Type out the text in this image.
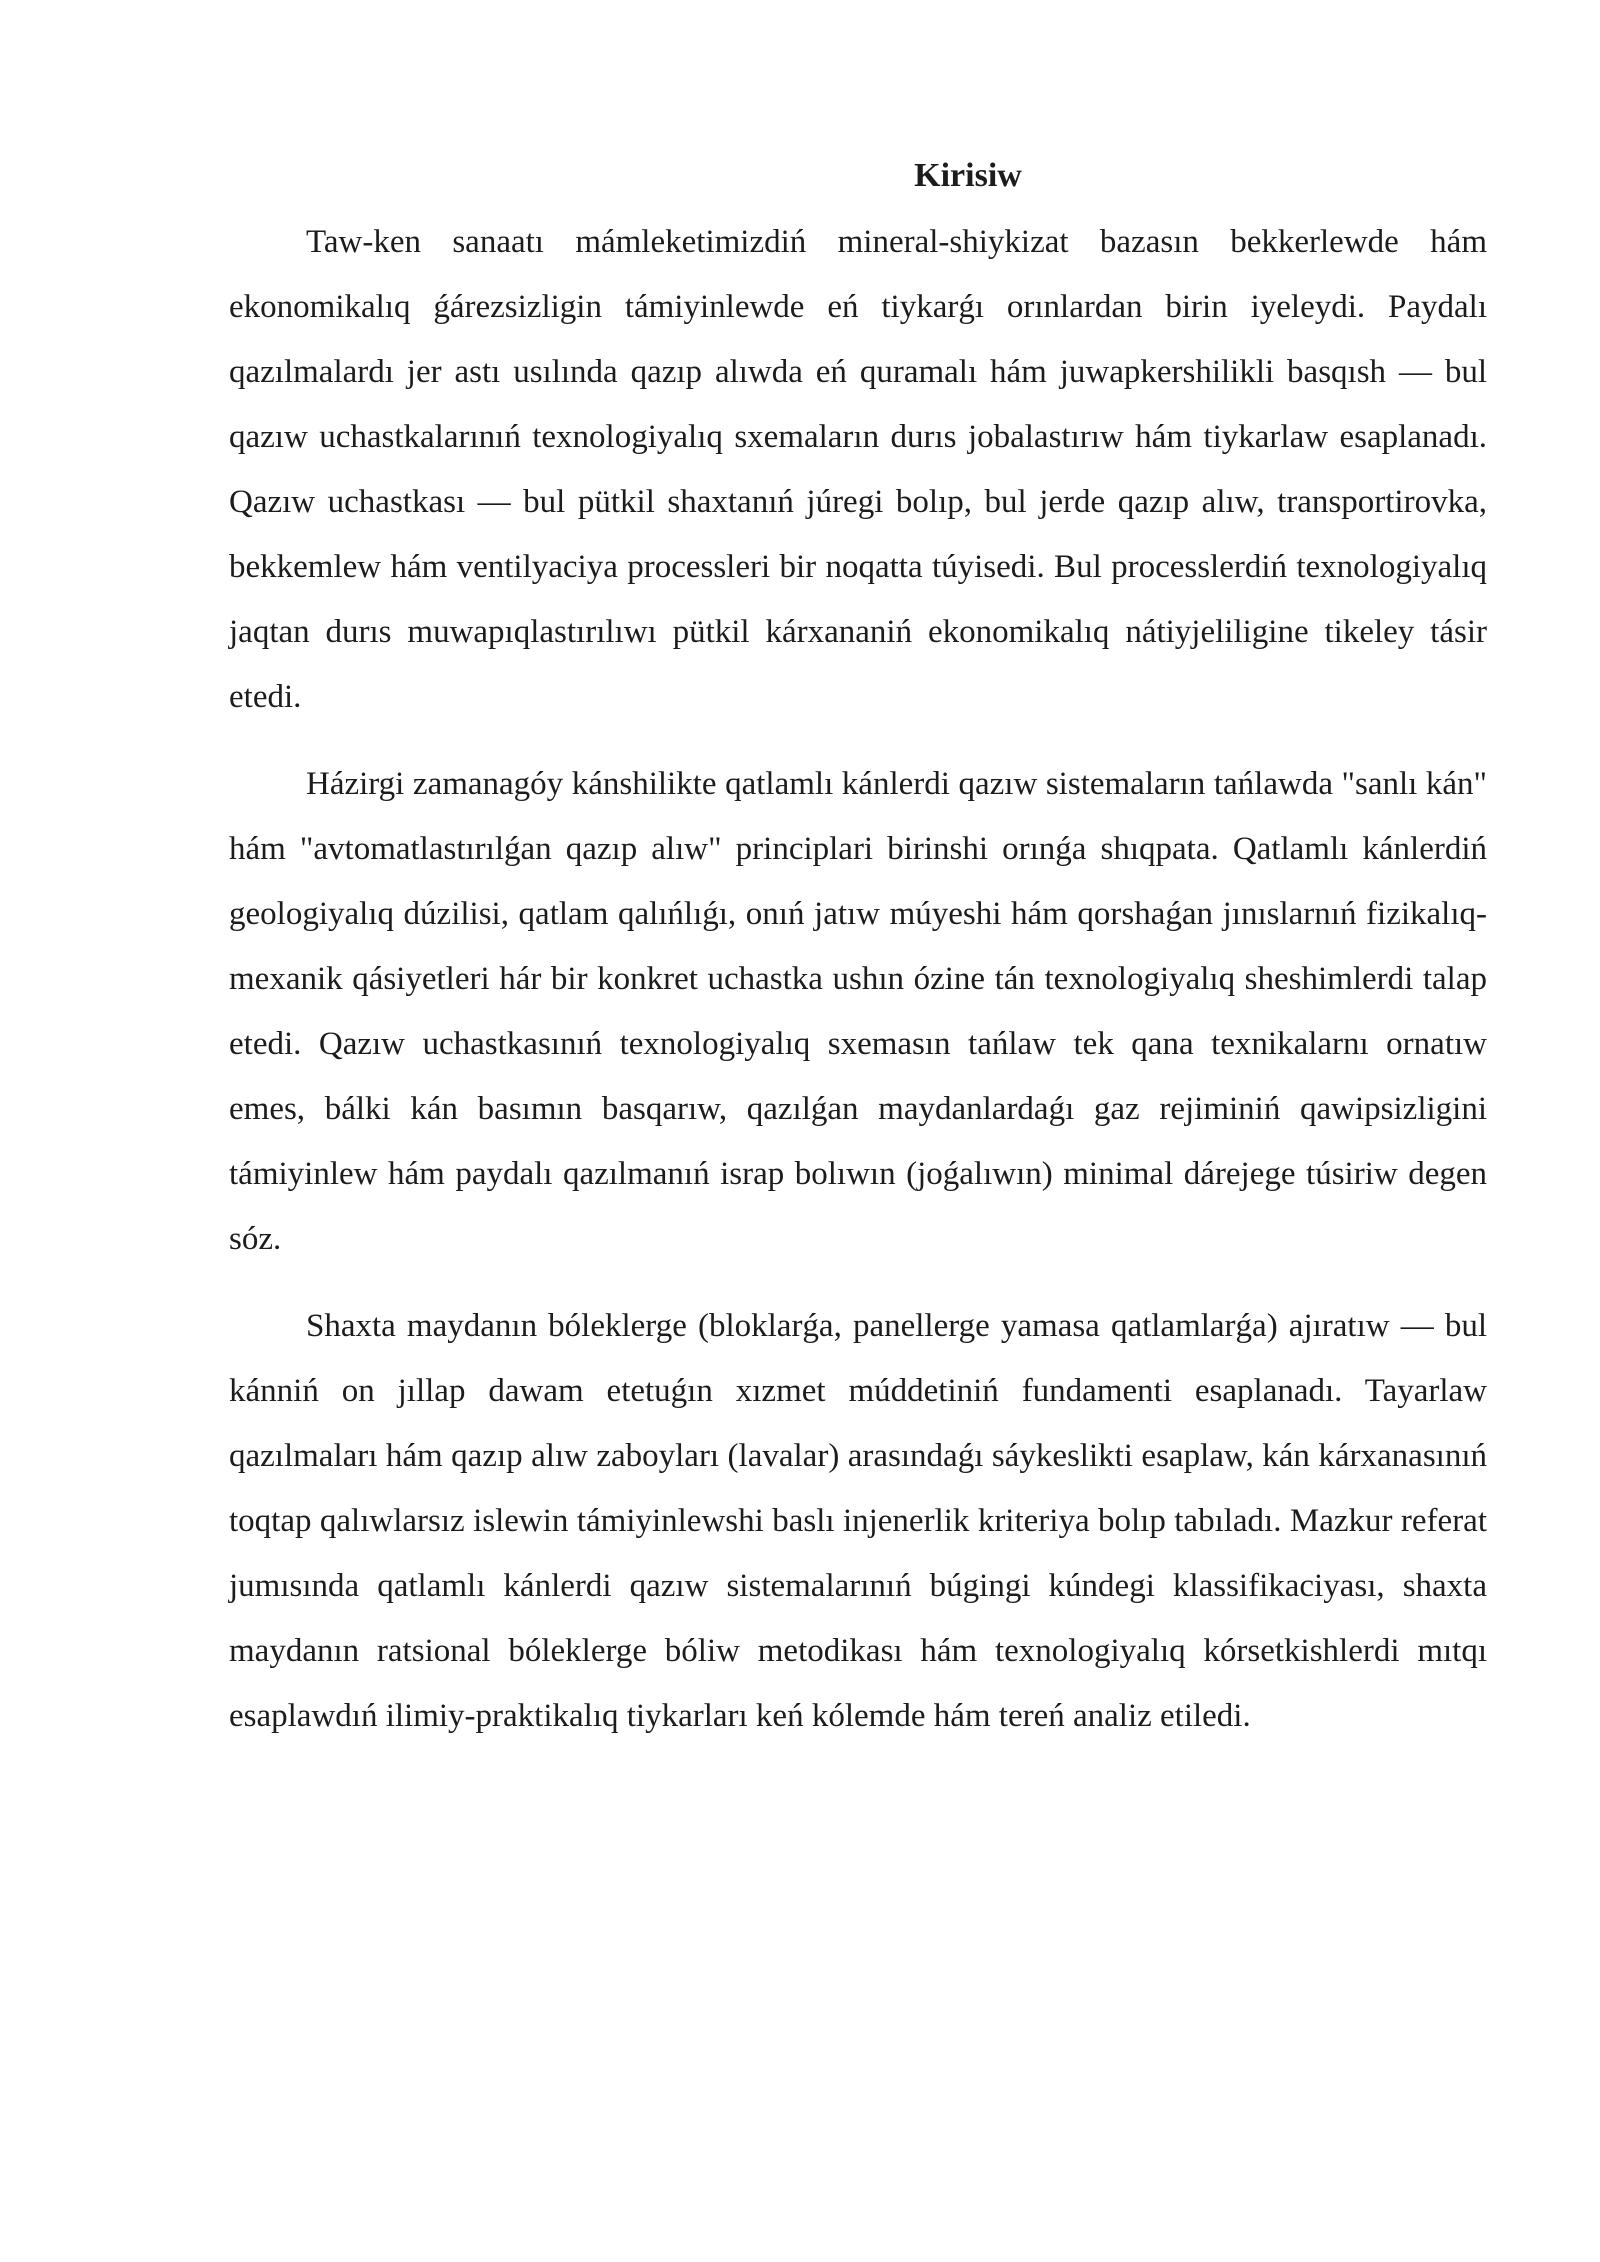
Kirisiw

Taw-ken sanaatı mámleketimizdiń mineral-shiykizat bazasın bekkerlewde hám ekonomikalıq ǵárezsizligin támiyinlewde eń tiykarǵı orınlardan birin iyeleydi. Paydalı qazılmalardı jer astı usılında qazıp alıwda eń quramalı hám juwapkershilikli basqısh — bul qazıw uchastkalarınıń texnologiyalıq sxemaların durıs jobalastırıw hám tiykarlaw esaplanadı. Qazıw uchastkası — bul pütkil shaxtanıń júregi bolıp, bul jerde qazıp alıw, transportirovka, bekkemlew hám ventilyaciya processleri bir noqatta túyisedi. Bul processlerdiń texnologiyalıq jaqtan durıs muwapıqlastırılıwı pütkil kárxananiń ekonomikalıq nátiyjeliligine tikeley tásir etedi.

Házirgi zamanagóy kánshilikte qatlamlı kánlerdi qazıw sistemaların tańlawda "sanlı kán" hám "avtomatlastırılǵan qazıp alıw" principlari birinshi orınǵa shıqpata. Qatlamlı kánlerdiń geologiyalıq dúzilisi, qatlam qalıńlıǵı, onıń jatıw múyeshi hám qorshaǵan jınıslarnıń fizikalıq-mexanik qásiyetleri hár bir konkret uchastka ushın ózine tán texnologiyalıq sheshimlerdi talap etedi. Qazıw uchastkasınıń texnologiyalıq sxemasın tańlaw tek qana texnikalarnı ornatıw emes, bálki kán basımın basqarıw, qazılǵan maydanlardaǵı gaz rejiminiń qawipsizligini támiyinlew hám paydalı qazılmanıń israp bolıwın (joǵalıwın) minimal dárejege túsiriw degen sóz.

Shaxta maydanın bóleklerge (bloklarǵa, panellerge yamasa qatlamlarǵa) ajıratıw — bul kánniń on jıllap dawam etetuǵın xızmet múddetiniń fundamenti esaplanadı. Tayarlaw qazılmaları hám qazıp alıw zaboyları (lavalar) arasındaǵı sáykeslikti esaplaw, kán kárxanasınıń toqtap qalıwlarsız islewin támiyinlewshi baslı injenerlik kriteriya bolıp tabıladı. Mazkur referat jumısında qatlamlı kánlerdi qazıw sistemalarınıń búgingi kúndegi klassifikaciyası, shaxta maydanın ratsional bóleklerge bóliw metodikası hám texnologiyalıq kórsetkishlerdi mıtqı esaplawdıń ilimiy-praktikalıq tiykarları keń kólemde hám tereń analiz etiledi.
